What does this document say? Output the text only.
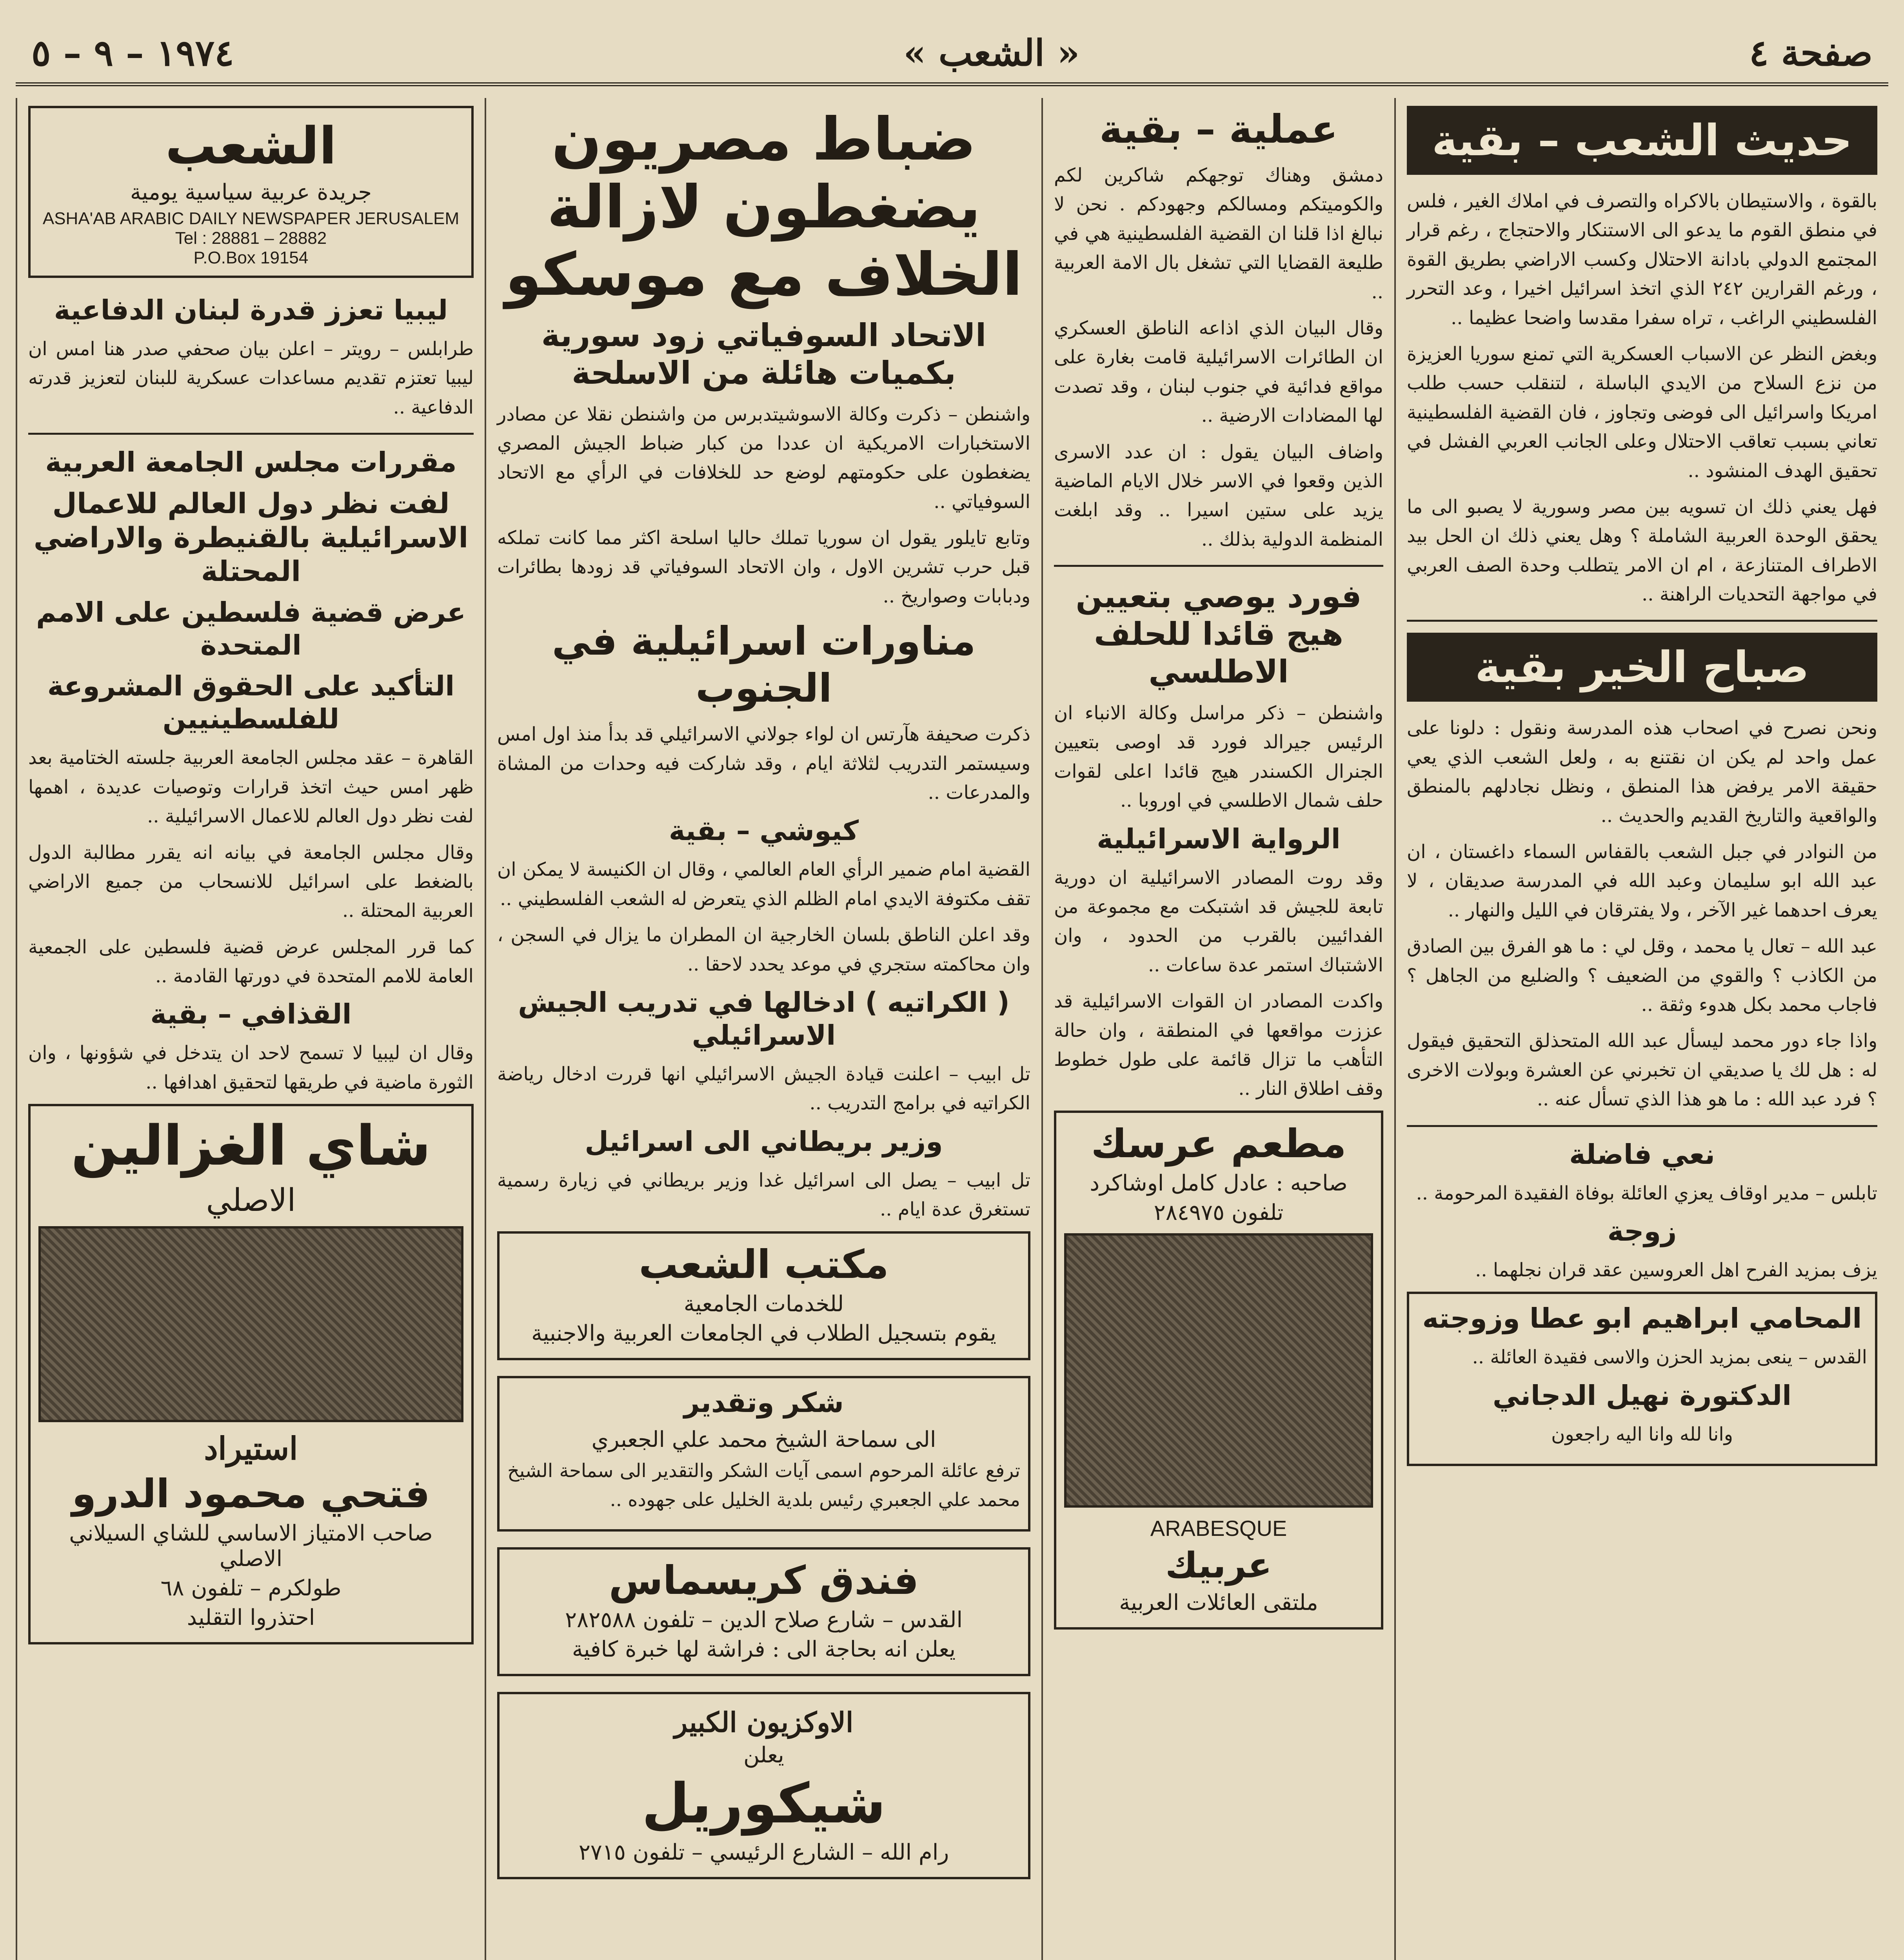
صفحة ٤
« الشعب »
١٩٧٤ – ٩ – ٥
حديث الشعب – بقية

بالقوة ، والاستيطان بالاكراه والتصرف في املاك الغير ، فلس في منطق القوم ما يدعو الى الاستنكار والاحتجاج ، رغم قرار المجتمع الدولي بادانة الاحتلال وكسب الاراضي بطريق القوة ، ورغم القرارين ٢٤٢ الذي اتخذ اسرائيل اخيرا ، وعد التحرر الفلسطيني الراغب ، تراه سفرا مقدسا واضحا عظيما ..

وبغض النظر عن الاسباب العسكرية التي تمنع سوريا العزيزة من نزع السلاح من الايدي الباسلة ، لتنقلب حسب طلب امريكا واسرائيل الى فوضى وتجاوز ، فان القضية الفلسطينية تعاني بسبب تعاقب الاحتلال وعلى الجانب العربي الفشل في تحقيق الهدف المنشود ..

فهل يعني ذلك ان تسويه بين مصر وسورية لا يصبو الى ما يحقق الوحدة العربية الشاملة ؟ وهل يعني ذلك ان الحل بيد الاطراف المتنازعة ، ام ان الامر يتطلب وحدة الصف العربي في مواجهة التحديات الراهنة ..

صباح الخير بقية

ونحن نصرح في اصحاب هذه المدرسة ونقول : دلونا على عمل واحد لم يكن ان نقتنع به ، ولعل الشعب الذي يعي حقيقة الامر يرفض هذا المنطق ، ونظل نجادلهم بالمنطق والواقعية والتاريخ القديم والحديث ..

من النوادر في جبل الشعب بالقفاس السماء داغستان ، ان عبد الله ابو سليمان وعبد الله في المدرسة صديقان ، لا يعرف احدهما غير الآخر ، ولا يفترقان في الليل والنهار ..

عبد الله – تعال يا محمد ، وقل لي : ما هو الفرق بين الصادق من الكاذب ؟ والقوي من الضعيف ؟ والضليع من الجاهل ؟ فاجاب محمد بكل هدوء وثقة ..

واذا جاء دور محمد ليسأل عبد الله المتحذلق التحقيق فيقول له : هل لك يا صديقي ان تخبرني عن العشرة وبولات الاخرى ؟ فرد عبد الله : ما هو هذا الذي تسأل عنه ..

نعي فاضلة

تابلس – مدير اوقاف يعزي العائلة بوفاة الفقيدة المرحومة ..

زوجة

يزف بمزيد الفرح اهل العروسين عقد قران نجلهما ..

المحامي ابراهيم ابو عطا وزوجته

القدس – ينعى بمزيد الحزن والاسى فقيدة العائلة ..

الدكتورة نهيل الدجاني

وانا لله وانا اليه راجعون

عملية – بقية

دمشق وهناك توجهكم شاكرين لكم والكوميتكم ومسالكم وجهودكم . نحن لا نبالغ اذا قلنا ان القضية الفلسطينية هي في طليعة القضايا التي تشغل بال الامة العربية ..

وقال البيان الذي اذاعه الناطق العسكري ان الطائرات الاسرائيلية قامت بغارة على مواقع فدائية في جنوب لبنان ، وقد تصدت لها المضادات الارضية ..

واضاف البيان يقول : ان عدد الاسرى الذين وقعوا في الاسر خلال الايام الماضية يزيد على ستين اسيرا .. وقد ابلغت المنظمة الدولية بذلك ..

فورد يوصي بتعيين هيج قائدا للحلف الاطلسي

واشنطن – ذكر مراسل وكالة الانباء ان الرئيس جيرالد فورد قد اوصى بتعيين الجنرال الكسندر هيج قائدا اعلى لقوات حلف شمال الاطلسي في اوروبا ..

الرواية الاسرائيلية

وقد روت المصادر الاسرائيلية ان دورية تابعة للجيش قد اشتبكت مع مجموعة من الفدائيين بالقرب من الحدود ، وان الاشتباك استمر عدة ساعات ..

واكدت المصادر ان القوات الاسرائيلية قد عززت مواقعها في المنطقة ، وان حالة التأهب ما تزال قائمة على طول خطوط وقف اطلاق النار ..

مطعم عرسك
صاحبه : عادل كامل اوشاكرد
تلفون ٢٨٤٩٧٥
ARABESQUE
عربيك
ملتقى العائلات العربية
ضباط مصريون يضغطون لازالة الخلاف مع موسكو
الاتحاد السوفياتي زود سورية بكميات هائلة من الاسلحة

واشنطن – ذكرت وكالة الاسوشيتدبرس من واشنطن نقلا عن مصادر الاستخبارات الامريكية ان عددا من كبار ضباط الجيش المصري يضغطون على حكومتهم لوضع حد للخلافات في الرأي مع الاتحاد السوفياتي ..

وتابع تايلور يقول ان سوريا تملك حاليا اسلحة اكثر مما كانت تملكه قبل حرب تشرين الاول ، وان الاتحاد السوفياتي قد زودها بطائرات ودبابات وصواريخ ..

مناورات اسرائيلية في الجنوب

ذكرت صحيفة هآرتس ان لواء جولاني الاسرائيلي قد بدأ منذ اول امس وسيستمر التدريب لثلاثة ايام ، وقد شاركت فيه وحدات من المشاة والمدرعات ..

كيوشي – بقية

القضية امام ضمير الرأي العام العالمي ، وقال ان الكنيسة لا يمكن ان تقف مكتوفة الايدي امام الظلم الذي يتعرض له الشعب الفلسطيني ..

وقد اعلن الناطق بلسان الخارجية ان المطران ما يزال في السجن ، وان محاكمته ستجري في موعد يحدد لاحقا ..

( الكراتيه ) ادخالها في تدريب الجيش الاسرائيلي

تل ابيب – اعلنت قيادة الجيش الاسرائيلي انها قررت ادخال رياضة الكراتيه في برامج التدريب ..

وزير بريطاني الى اسرائيل

تل ابيب – يصل الى اسرائيل غدا وزير بريطاني في زيارة رسمية تستغرق عدة ايام ..

مكتب الشعب
للخدمات الجامعية
يقوم بتسجيل الطلاب في الجامعات العربية والاجنبية
شكر وتقدير
الى سماحة الشيخ محمد علي الجعبري

ترفع عائلة المرحوم اسمى آيات الشكر والتقدير الى سماحة الشيخ محمد علي الجعبري رئيس بلدية الخليل على جهوده ..

فندق كريسماس
القدس – شارع صلاح الدين – تلفون ٢٨٢٥٨٨
يعلن انه بحاجة الى : فراشة لها خبرة كافية
الاوكزيون الكبير
يعلن
شيكوريل
رام الله – الشارع الرئيسي – تلفون ٢٧١٥
الشعب
جريدة عربية سياسية يومية
ASHA'AB ARABIC DAILY NEWSPAPER JERUSALEM
Tel : 28881 – 28882
P.O.Box 19154
ليبيا تعزز قدرة لبنان الدفاعية

طرابلس – رويتر – اعلن بيان صحفي صدر هنا امس ان ليبيا تعتزم تقديم مساعدات عسكرية للبنان لتعزيز قدرته الدفاعية ..

مقررات مجلس الجامعة العربية
لفت نظر دول العالم للاعمال الاسرائيلية بالقنيطرة والاراضي المحتلة
عرض قضية فلسطين على الامم المتحدة
التأكيد على الحقوق المشروعة للفلسطينيين

القاهرة – عقد مجلس الجامعة العربية جلسته الختامية بعد ظهر امس حيث اتخذ قرارات وتوصيات عديدة ، اهمها لفت نظر دول العالم للاعمال الاسرائيلية ..

وقال مجلس الجامعة في بيانه انه يقرر مطالبة الدول بالضغط على اسرائيل للانسحاب من جميع الاراضي العربية المحتلة ..

كما قرر المجلس عرض قضية فلسطين على الجمعية العامة للامم المتحدة في دورتها القادمة ..

القذافي – بقية

وقال ان ليبيا لا تسمح لاحد ان يتدخل في شؤونها ، وان الثورة ماضية في طريقها لتحقيق اهدافها ..

شاي الغزالين
الاصلي
استيراد
فتحي محمود الدرو
صاحب الامتياز الاساسي للشاي السيلاني الاصلي
طولكرم – تلفون ٦٨
احتذروا التقليد
